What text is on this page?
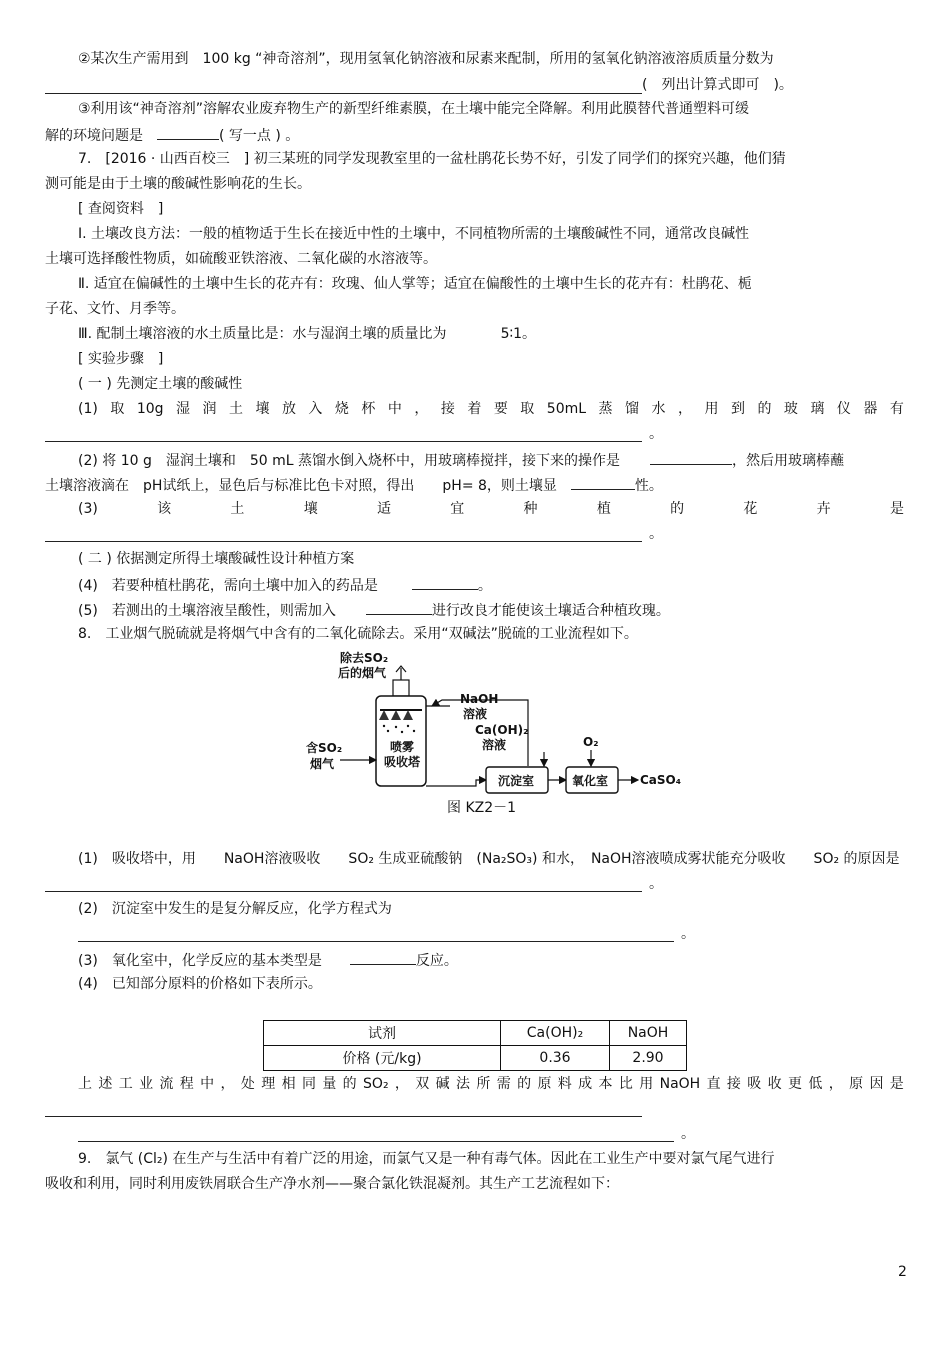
②某次生产需用到　100 kg “神奇溶剂”，现用氢氧化钠溶液和尿素来配制，所用的氢氧化钠溶液溶质质量分数为
(　列出计算式即可　)。
③利用该“神奇溶剂”溶解农业废弃物生产的新型纤维素膜，在土壤中能完全降解。利用此膜替代普通塑料可缓
解的环境问题是　	( 写一点 ) 。
7.　[2016 · 山西百校三　] 初三某班的同学发现教室里的一盆杜鹃花长势不好，引发了同学们的探究兴趣，他们猜
测可能是由于土壤的酸碱性影响花的生长。
[ 查阅资料　]
Ⅰ. 土壤改良方法：一般的植物适于生长在接近中性的土壤中，不同植物所需的土壤酸碱性不同，通常改良碱性
土壤可选择酸性物质，如硫酸亚铁溶液、二氧化碳的水溶液等。
Ⅱ. 适宜在偏碱性的土壤中生长的花卉有：玫瑰、仙人掌等；适宜在偏酸性的土壤中生长的花卉有：杜鹃花、栀
子花、文竹、月季等。
Ⅲ. 配制土壤溶液的水土质量比是：水与湿润土壤的质量比为	5∶1。
[ 实验步骤　]
( 一 ) 先测定土壤的酸碱性
(1) 取 10g 湿 润 土 壤 放 入 烧 杯 中 ， 接 着 要 取 50mL 蒸 馏 水 ， 用 到 的 玻 璃 仪 器 有
。
(2) 将 10 g　湿润土壤和　50 mL 蒸馏水倒入烧杯中，用玻璃棒搅拌，接下来的操作是	，然后用玻璃棒蘸
土壤溶液滴在　pH试纸上，显色后与标准比色卡对照，得出　　pH= 8，则土壤显　	性。
(3)	该	土	壤	适	宜	种	植	的	花	卉	是
。
( 二 ) 依据测定所得土壤酸碱性设计种植方案
(4)　若要种植杜鹃花，需向土壤中加入的药品是	。
(5)　若测出的土壤溶液呈酸性，则需加入	进行改良才能使该土壤适合种植玫瑰。
8.　工业烟气脱硫就是将烟气中含有的二氧化硫除去。采用“双碱法”脱硫的工业流程如下。
除去SO₂
后的烟气
NaOH
溶液
Ca(OH)₂
溶液	O₂
含SO₂
烟气
喷雾
吸收塔
沉淀室	氧化室	CaSO₄
图 KZ2－1
(1)　吸收塔中，用　　NaOH溶液吸收　　SO₂ 生成亚硫酸钠　(Na₂SO₃) 和水，　NaOH溶液喷成雾状能充分吸收　　SO₂ 的原因是
。
(2)　沉淀室中发生的是复分解反应，化学方程式为
。
(3)　氧化室中，化学反应的基本类型是	反应。
(4)　已知部分原料的价格如下表所示。
试剂	Ca(OH)₂	NaOH
价格 (元/kg)	0.36	2.90
上 述 工 业 流 程 中 ， 处 理 相 同 量 的 SO₂ ， 双 碱 法 所 需 的 原 料 成 本 比 用 NaOH 直 接 吸 收 更 低 ， 原 因 是
。
9.　氯气 (Cl₂) 在生产与生活中有着广泛的用途，而氯气又是一种有毒气体。因此在工业生产中要对氯气尾气进行
吸收和利用，同时利用废铁屑联合生产净水剂——聚合氯化铁混凝剂。其生产工艺流程如下：
2
